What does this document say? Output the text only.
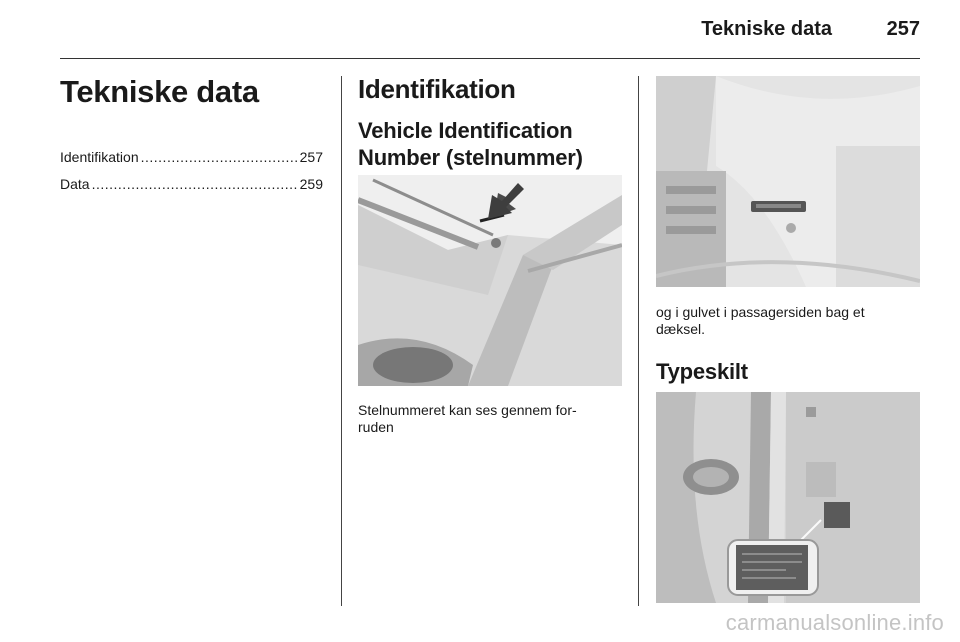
Tekniske data	257
Tekniske data
Identifikation .....	257
Data .....	259
Identifikation
Vehicle Identification
Number (stelnummer)
Stelnummeret kan ses gennem for-
ruden
og i gulvet i passagersiden bag et
dæksel.
Typeskilt
carmanualsonline.info
